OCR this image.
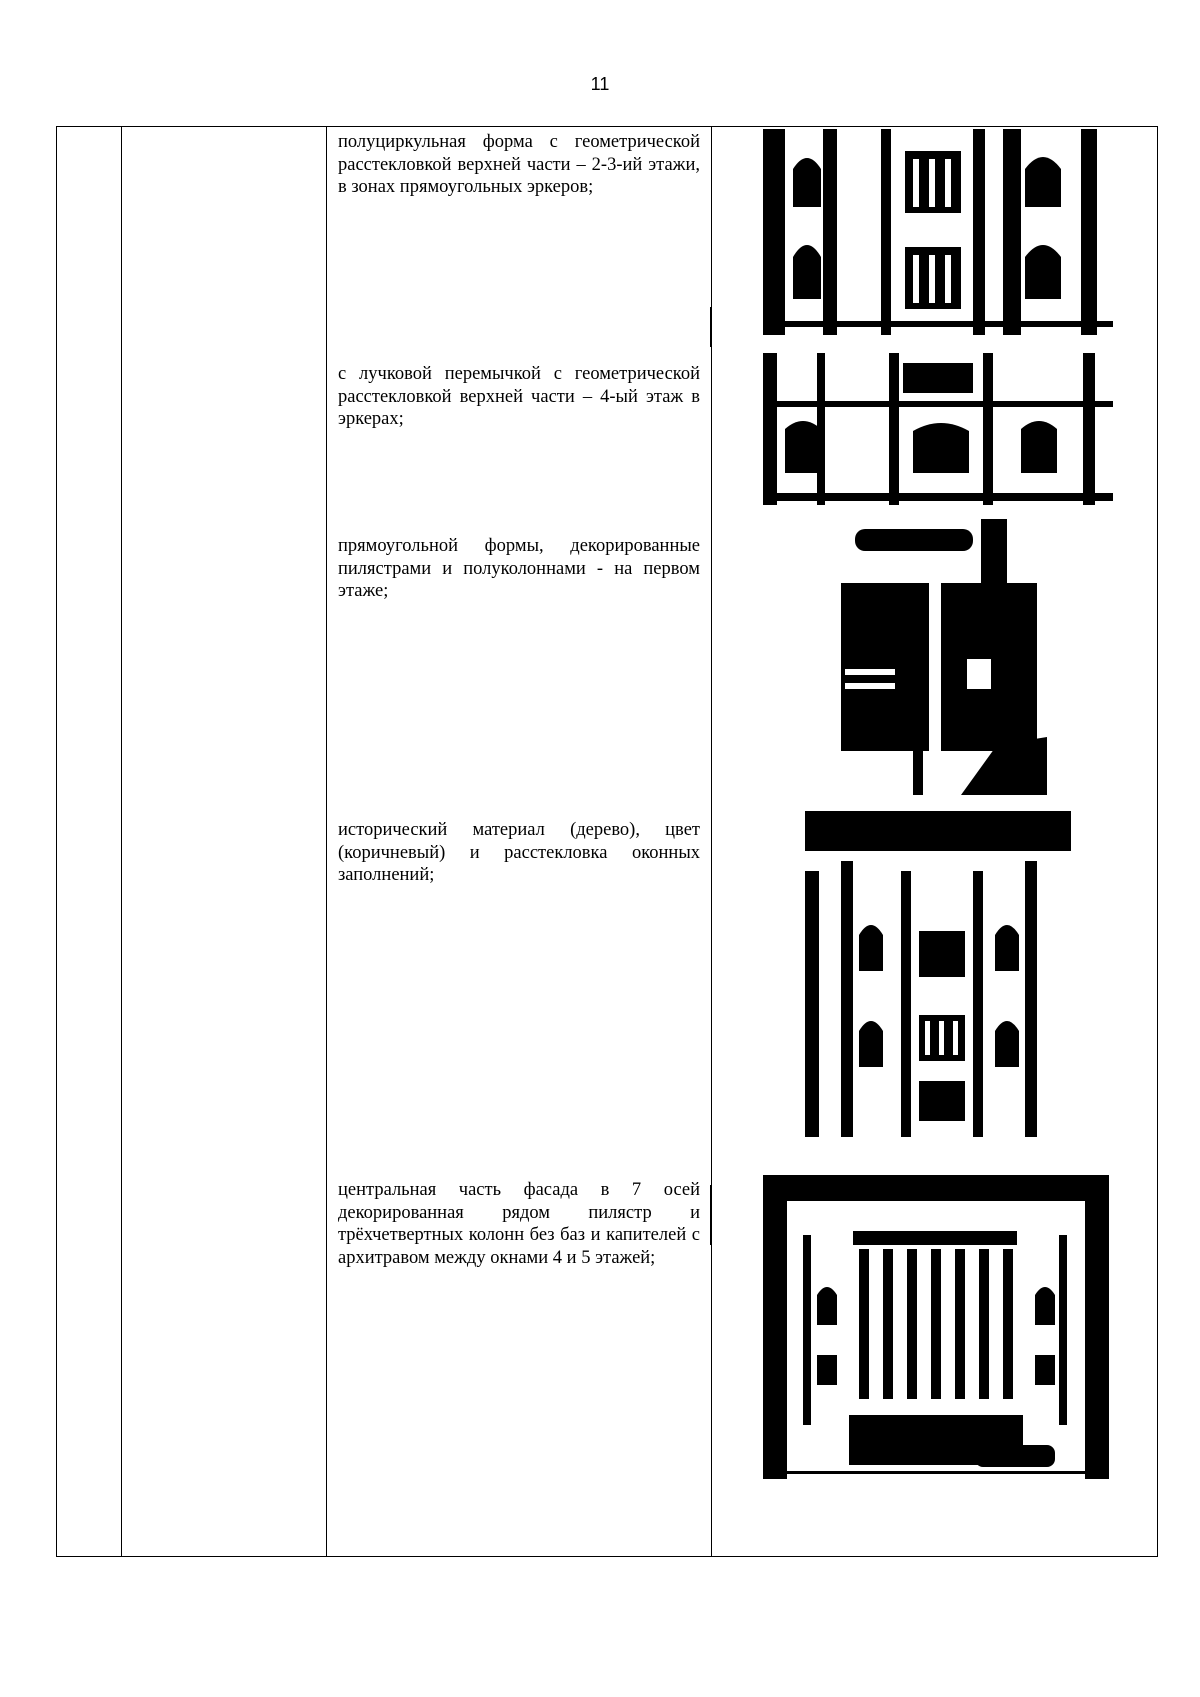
11
полуциркульная форма с геометрической расстекловкой верхней части – 2-3-ий этажи, в зонах прямоугольных эркеров;
с лучковой перемычкой с геометрической расстекловкой верхней части – 4-ый этаж в эркерах;
прямоугольной формы, декорированные пилястрами и полуколоннами - на первом этаже;
исторический материал (дерево), цвет (коричневый) и расстекловка оконных заполнений;
центральная часть фасада в 7 осей декорированная рядом пилястр и трёхчетвертных колонн без баз и капителей с архитравом между окнами 4 и 5 этажей;
